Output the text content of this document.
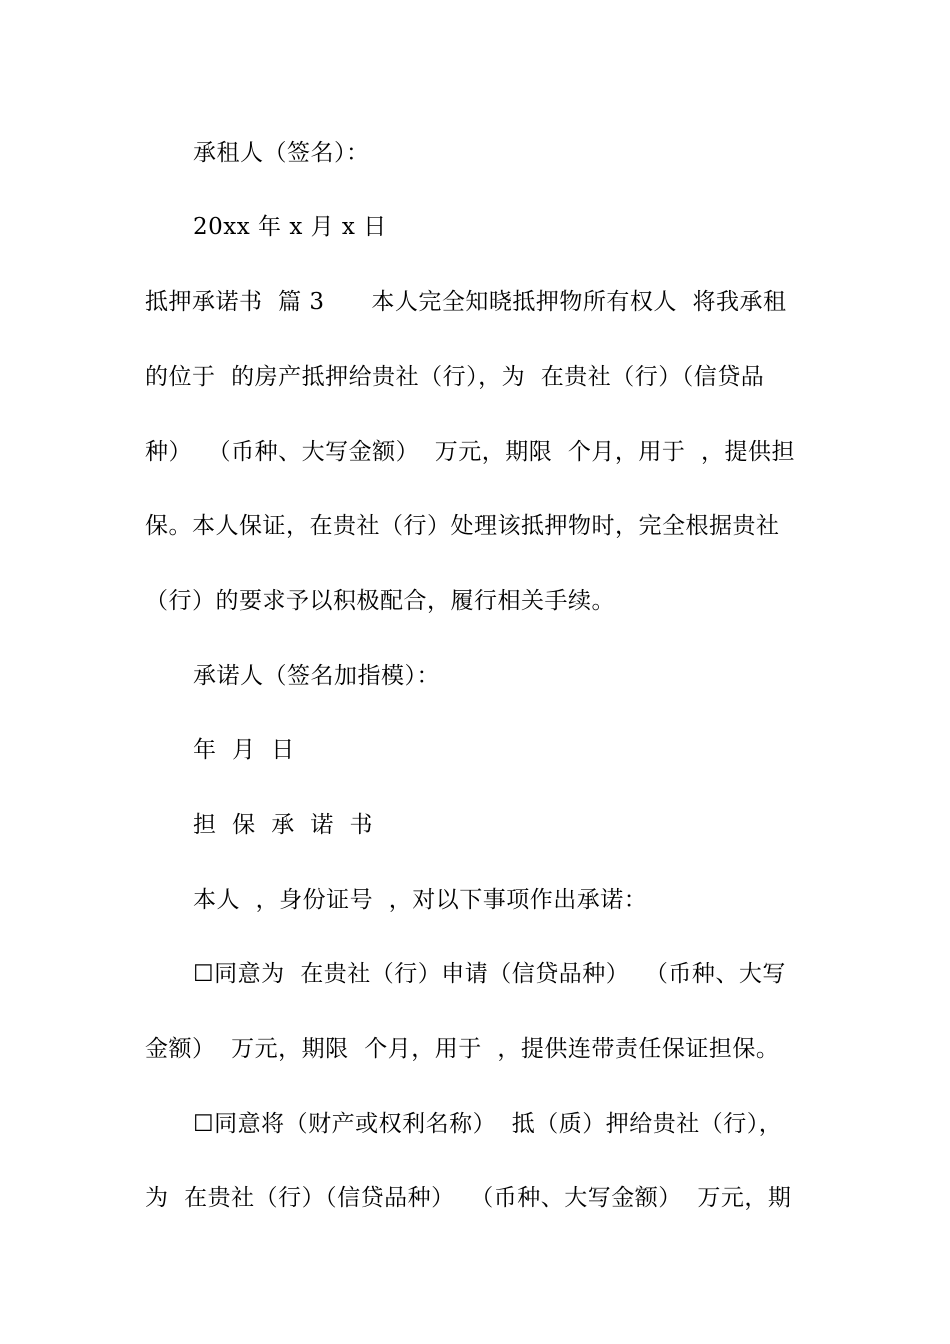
承租人（签名）：
20xx 年 x 月 x 日
抵押承诺书  篇 3      本人完全知晓抵押物所有权人  将我承租
的位于  的房产抵押给贵社（行），为  在贵社（行）（信贷品
种）  （币种、大写金额）  万元，期限  个月，用于  ，提供担
保。本人保证，在贵社（行）处理该抵押物时，完全根据贵社
（行）的要求予以积极配合，履行相关手续。
承诺人（签名加指模）：
年  月  日
担  保  承  诺  书
本人  ，身份证号  ，对以下事项作出承诺：
☐同意为  在贵社（行）申请（信贷品种）  （币种、大写
金额）  万元，期限  个月，用于  ，提供连带责任保证担保。
☐同意将（财产或权利名称）  抵（质）押给贵社（行），
为  在贵社（行）（信贷品种）  （币种、大写金额）  万元，期
